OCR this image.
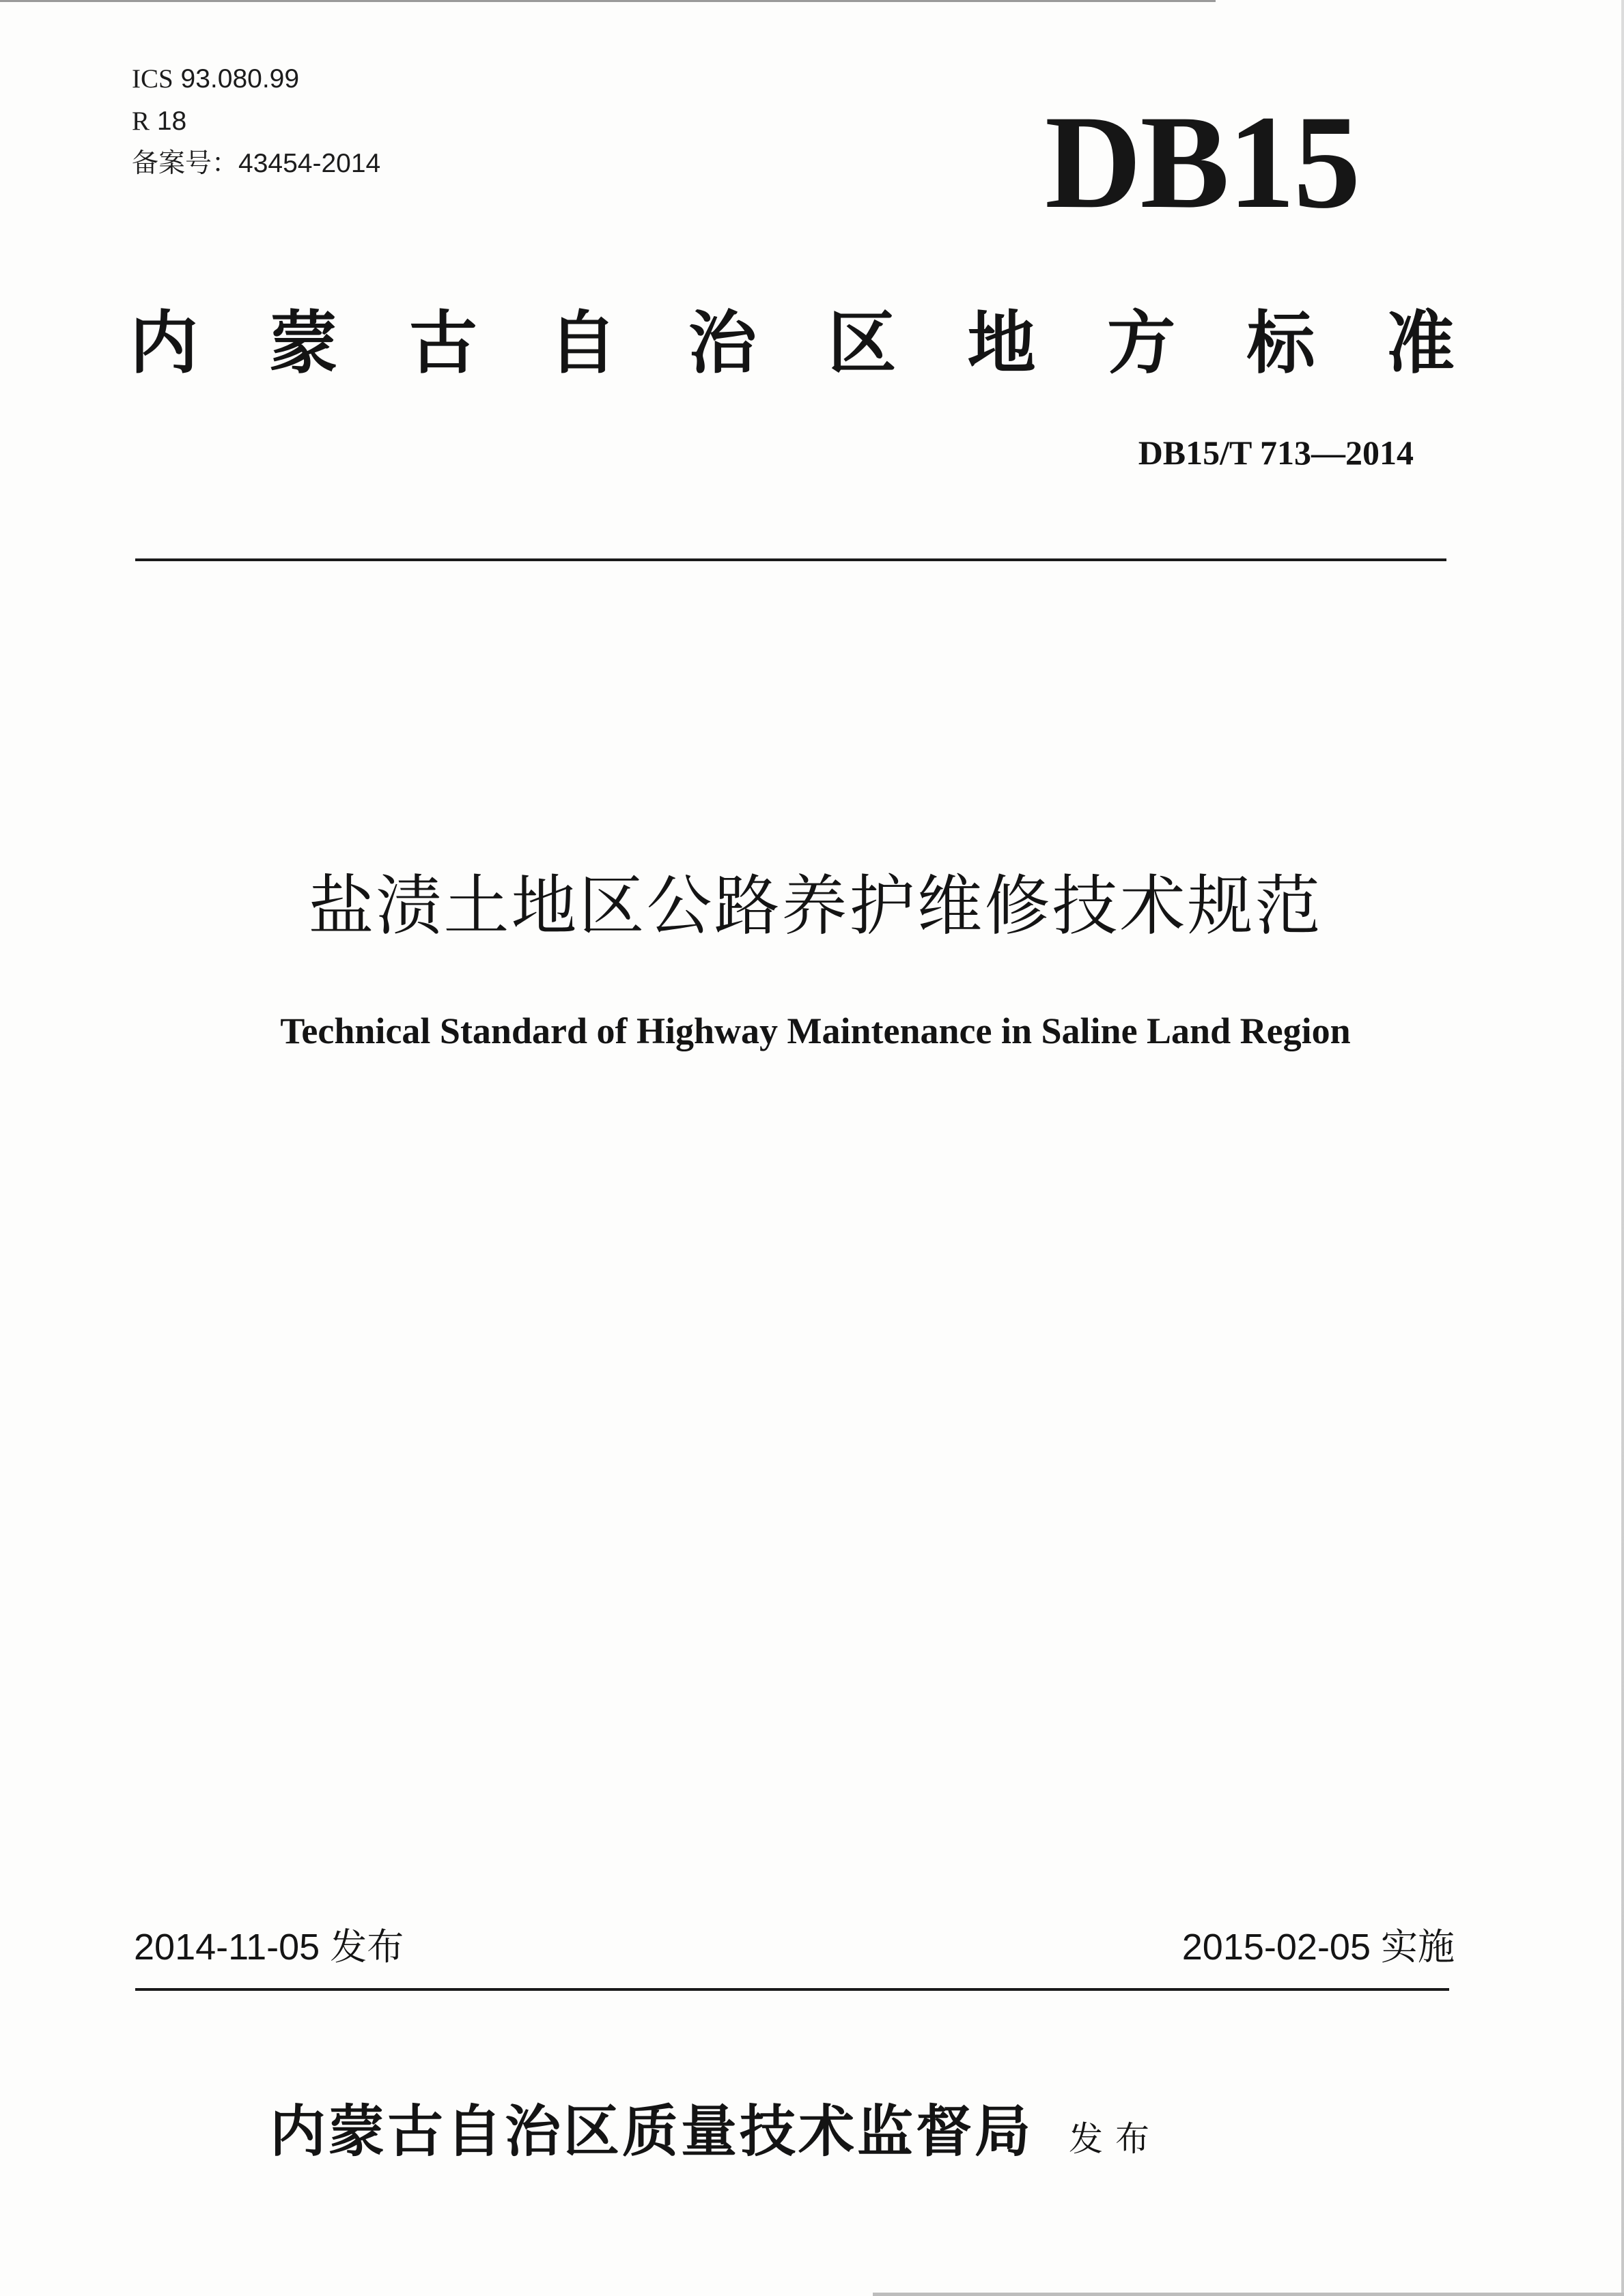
ICS 93.080.99
R 18
备案号：43454-2014	DB15
内 蒙 古 自 治 区 地 方 标 准
DB15/T 713—2014
盐渍土地区公路养护维修技术规范
Technical Standard of Highway Maintenance in Saline Land Region
2014-11-05 发布	2015-02-05 实施
内蒙古自治区质量技术监督局 发布
